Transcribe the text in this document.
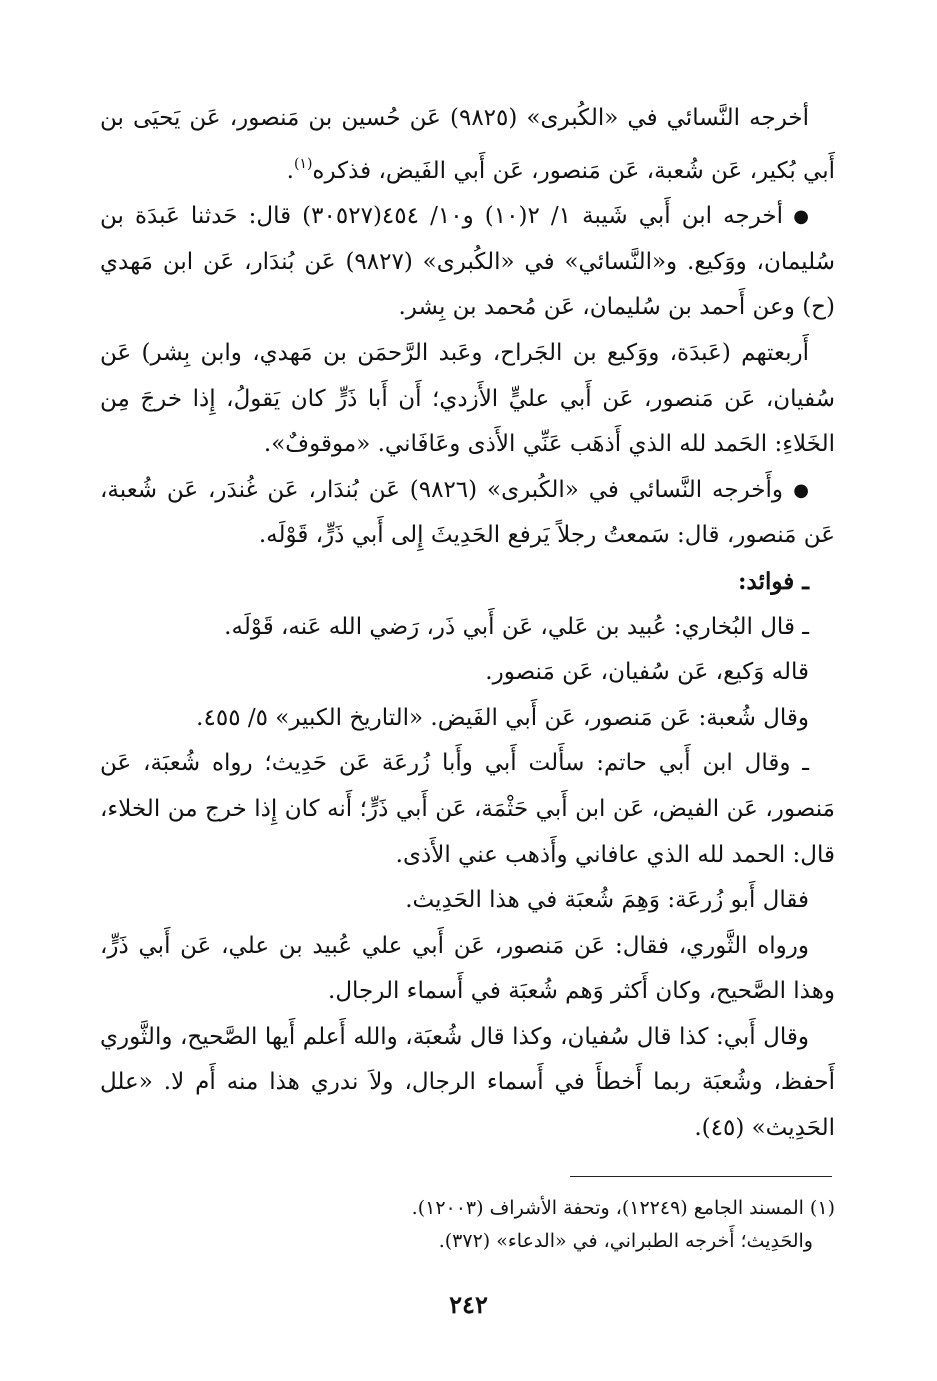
أخرجه النَّسائي في «الكُبرى» (٩٨٢٥) عَن حُسين بن مَنصور، عَن يَحيَى بن أَبي بُكير، عَن شُعبة، عَن مَنصور، عَن أَبي الفَيض، فذكره$^{(١)}$.

●أخرجه ابن أَبي شَيبة ١/ ٢(١٠) و١٠/ ٤٥٤(٣٠٥٢٧) قال: حَدثنا عَبدَة بن سُليمان، ووَكيع. و«النَّسائي» في «الكُبرى» (٩٨٢٧) عَن بُندَار، عَن ابن مَهدي (ح) وعن أَحمد بن سُليمان، عَن مُحمد بن بِشر.

أَربعتهم (عَبدَة، ووَكيع بن الجَراح، وعَبد الرَّحمَن بن مَهدي، وابن بِشر) عَن سُفيان، عَن مَنصور، عَن أَبي عليٍّ الأَزدي؛ أَن أَبا ذَرٍّ كان يَقولُ، إِذا خرجَ مِن الخَلاءِ: الحَمد لله الذي أَذهَب عَنِّي الأَذى وعَافَاني. «موقوفٌ».

●وأَخرجه النَّسائي في «الكُبرى» (٩٨٢٦) عَن بُندَار، عَن غُندَر، عَن شُعبة، عَن مَنصور، قال: سَمعتُ رجلاً يَرفع الحَدِيثَ إِلى أَبي ذَرٍّ، قَوْلَه.

ـ فوائد:

ـ قال البُخاري: عُبيد بن عَلي، عَن أَبي ذَر، رَضي الله عَنه، قَوْلَه.

قاله وَكيع، عَن سُفيان، عَن مَنصور.

وقال شُعبة: عَن مَنصور، عَن أَبي الفَيض. «التاريخ الكبير» ٥/ ٤٥٥.

ـ وقال ابن أَبي حاتم: سأَلت أَبي وأَبا زُرعَة عَن حَدِيث؛ رواه شُعبَة، عَن مَنصور، عَن الفيض، عَن ابن أَبي حَثْمَة، عَن أَبي ذَرٍّ؛ أَنه كان إِذا خرج من الخلاء، قال: الحمد لله الذي عافاني وأَذهب عني الأَذى.

فقال أَبو زُرعَة: وَهِمَ شُعبَة في هذا الحَدِيث.

ورواه الثَّوري، فقال: عَن مَنصور، عَن أَبي علي عُبيد بن علي، عَن أَبي ذَرٍّ، وهذا الصَّحيح، وكان أَكثر وَهم شُعبَة في أَسماء الرجال.

وقال أَبي: كذا قال سُفيان، وكذا قال شُعبَة، والله أَعلم أَيها الصَّحيح، والثَّوري أَحفظ، وشُعبَة ربما أَخطأَ في أَسماء الرجال، ولاَ ندري هذا منه أَم لا. «علل الحَدِيث» (٤٥).

(١) المسند الجامع (١٢٢٤٩)، وتحفة الأشراف (١٢٠٠٣).

والحَدِيث؛ أَخرجه الطبراني، في «الدعاء» (٣٧٢).

٢٤٢
